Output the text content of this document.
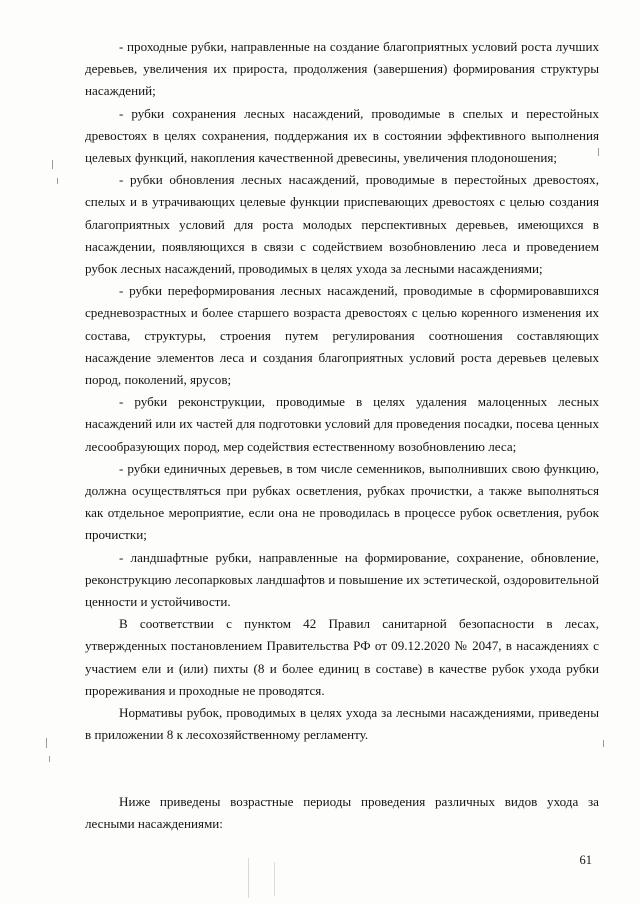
- проходные рубки, направленные на создание благоприятных условий роста лучших деревьев, увеличения их прироста, продолжения (завершения) формирования структуры насаждений;

- рубки сохранения лесных насаждений, проводимые в спелых и перестойных древостоях в целях сохранения, поддержания их в состоянии эффективного выполнения целевых функций, накопления качественной древесины, увеличения плодоношения;

- рубки обновления лесных насаждений, проводимые в перестойных древостоях, спелых и в утрачивающих целевые функции приспевающих древостоях с целью создания благоприятных условий для роста молодых перспективных деревьев, имеющихся в насаждении, появляющихся в связи с содействием возобновлению леса и проведением рубок лесных насаждений, проводимых в целях ухода за лесными насаждениями;

- рубки переформирования лесных насаждений, проводимые в сформировавшихся средневозрастных и более старшего возраста древостоях с целью коренного изменения их состава, структуры, строения путем регулирования соотношения составляющих насаждение элементов леса и создания благоприятных условий роста деревьев целевых пород, поколений, ярусов;

- рубки реконструкции, проводимые в целях удаления малоценных лесных насаждений или их частей для подготовки условий для проведения посадки, посева ценных лесообразующих пород, мер содействия естественному возобновлению леса;

- рубки единичных деревьев, в том числе семенников, выполнивших свою функцию, должна осуществляться при рубках осветления, рубках прочистки, а также выполняться как отдельное мероприятие, если она не проводилась в процессе рубок осветления, рубок прочистки;

- ландшафтные рубки, направленные на формирование, сохранение, обновление, реконструкцию лесопарковых ландшафтов и повышение их эстетической, оздоровительной ценности и устойчивости.

В соответствии с пунктом 42 Правил санитарной безопасности в лесах, утвержденных постановлением Правительства РФ от 09.12.2020 № 2047, в насаждениях с участием ели и (или) пихты (8 и более единиц в составе) в качестве рубок ухода рубки прореживания и проходные не проводятся.

Нормативы рубок, проводимых в целях ухода за лесными насаждениями, приведены в приложении 8 к лесохозяйственному регламенту.

Ниже приведены возрастные периоды проведения различных видов ухода за лесными насаждениями:

61
